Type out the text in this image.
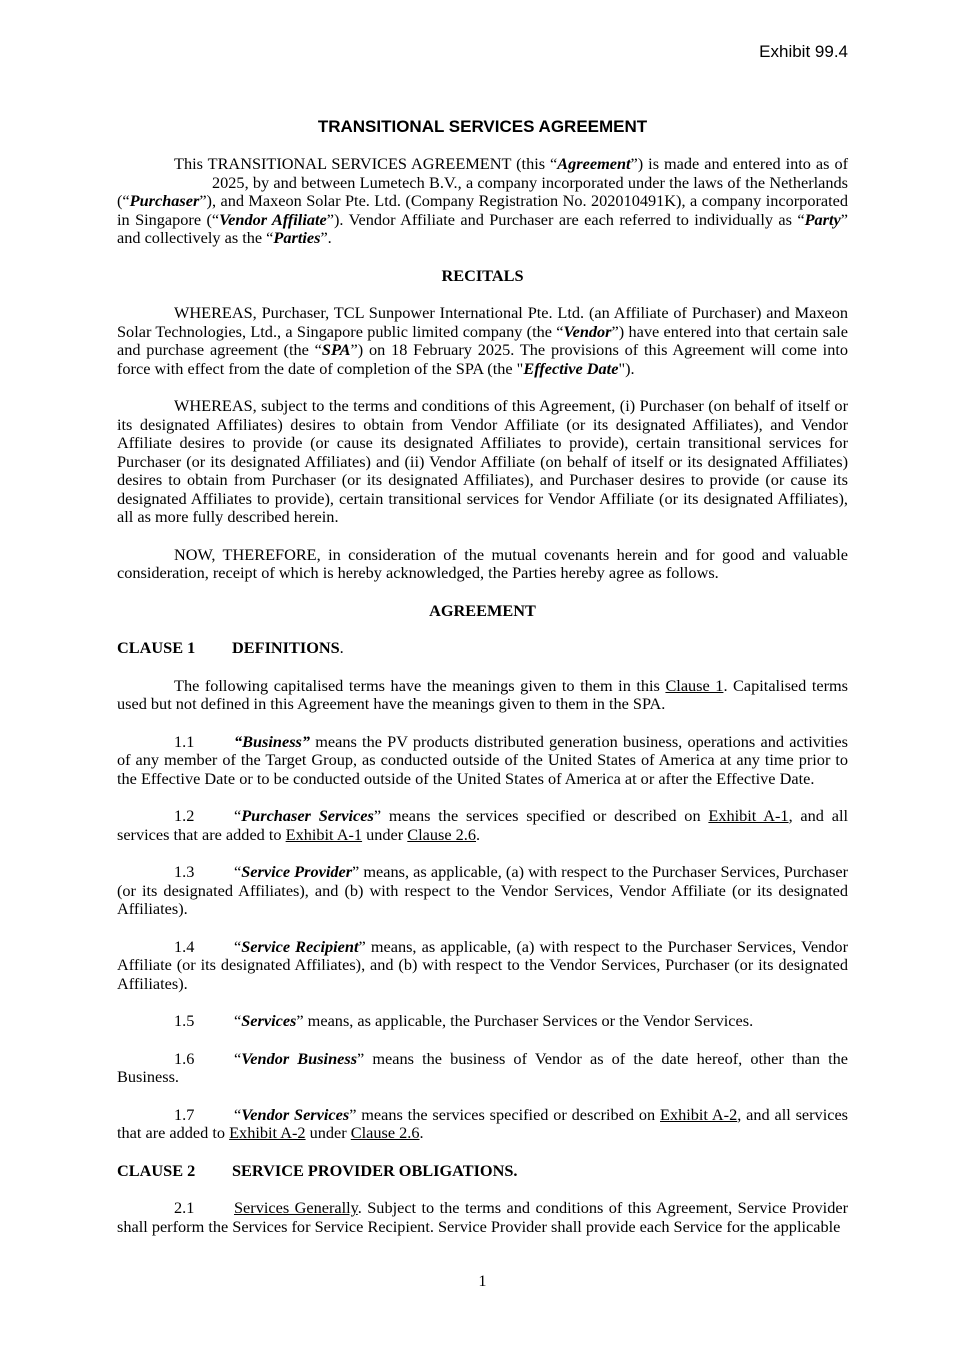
Exhibit 99.4
TRANSITIONAL SERVICES AGREEMENT
This TRANSITIONAL SERVICES AGREEMENT (this “Agreement”) is made and entered into as of2025, by and between Lumetech B.V., a company incorporated under the laws of the Netherlands (“Purchaser”), and Maxeon Solar Pte. Ltd. (Company Registration No. 202010491K), a company incorporated in Singapore (“Vendor Affiliate”). Vendor Affiliate and Purchaser are each referred to individually as “Party” and collectively as the “Parties”.
RECITALS
WHEREAS, Purchaser, TCL Sunpower International Pte. Ltd. (an Affiliate of Purchaser) and Maxeon Solar Technologies, Ltd., a Singapore public limited company (the “Vendor”) have entered into that certain sale and purchase agreement (the “SPA”) on 18 February 2025. The provisions of this Agreement will come into force with effect from the date of completion of the SPA (the "Effective Date").
WHEREAS, subject to the terms and conditions of this Agreement, (i) Purchaser (on behalf of itself or its designated Affiliates) desires to obtain from Vendor Affiliate (or its designated Affiliates), and Vendor Affiliate desires to provide (or cause its designated Affiliates to provide), certain transitional services for Purchaser (or its designated Affiliates) and (ii) Vendor Affiliate (on behalf of itself or its designated Affiliates) desires to obtain from Purchaser (or its designated Affiliates), and Purchaser desires to provide (or cause its designated Affiliates to provide), certain transitional services for Vendor Affiliate (or its designated Affiliates), all as more fully described herein.
NOW, THEREFORE, in consideration of the mutual covenants herein and for good and valuable consideration, receipt of which is hereby acknowledged, the Parties hereby agree as follows.
AGREEMENT
CLAUSE 1 DEFINITIONS.
The following capitalised terms have the meanings given to them in this Clause 1. Capitalised terms used but not defined in this Agreement have the meanings given to them in the SPA.
1.1 “Business” means the PV products distributed generation business, operations and activities of any member of the Target Group, as conducted outside of the United States of America at any time prior to the Effective Date or to be conducted outside of the United States of America at or after the Effective Date.
1.2 “Purchaser Services” means the services specified or described on Exhibit A-1, and all services that are added to Exhibit A-1 under Clause 2.6.
1.3 “Service Provider” means, as applicable, (a) with respect to the Purchaser Services, Purchaser (or its designated Affiliates), and (b) with respect to the Vendor Services, Vendor Affiliate (or its designated Affiliates).
1.4 “Service Recipient” means, as applicable, (a) with respect to the Purchaser Services, Vendor Affiliate (or its designated Affiliates), and (b) with respect to the Vendor Services, Purchaser (or its designated Affiliates).
1.5 “Services” means, as applicable, the Purchaser Services or the Vendor Services.
1.6 “Vendor Business” means the business of Vendor as of the date hereof, other than the Business.
1.7 “Vendor Services” means the services specified or described on Exhibit A-2, and all services that are added to Exhibit A-2 under Clause 2.6.
CLAUSE 2 SERVICE PROVIDER OBLIGATIONS.
2.1 Services Generally. Subject to the terms and conditions of this Agreement, Service Provider shall perform the Services for Service Recipient. Service Provider shall provide each Service for the applicable
1
